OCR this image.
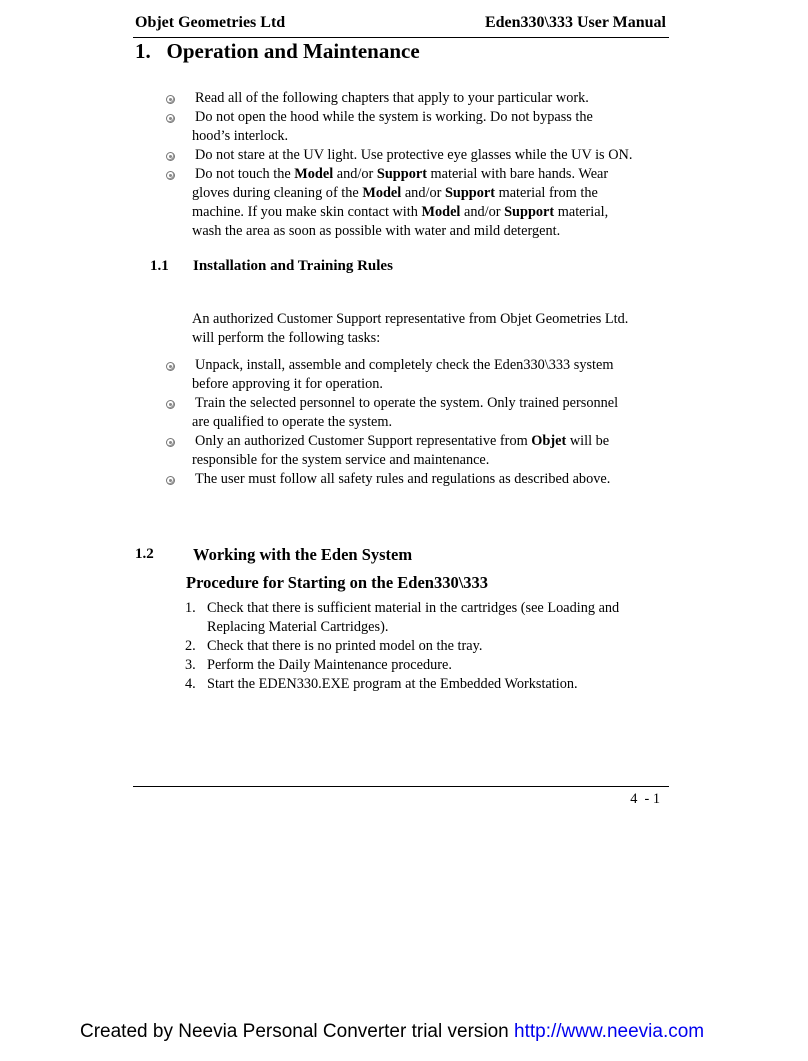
Objet Geometries Ltd	Eden330\333 User Manual
1.   Operation and Maintenance
Read all of the following chapters that apply to your particular work.
Do not open the hood while the system is working. Do not bypass the
hood’s interlock.
Do not stare at the UV light. Use protective eye glasses while the UV is ON.
Do not touch the Model and/or Support material with bare hands. Wear
gloves during cleaning of the Model and/or Support material from the
machine. If you make skin contact with Model and/or Support material,
wash the area as soon as possible with water and mild detergent.
1.1 Installation and Training Rules
An authorized Customer Support representative from Objet Geometries Ltd.
will perform the following tasks:
Unpack, install, assemble and completely check the Eden330\333 system
before approving it for operation.
Train the selected personnel to operate the system. Only trained personnel
are qualified to operate the system.
Only an authorized Customer Support representative from Objet will be
responsible for the system service and maintenance.
The user must follow all safety rules and regulations as described above.
1.2 Working with the Eden System
Procedure for Starting on the Eden330\333
1. Check that there is sufficient material in the cartridges (see Loading and
Replacing Material Cartridges).
2. Check that there is no printed model on the tray.
3. Perform the Daily Maintenance procedure.
4. Start the EDEN330.EXE program at the Embedded Workstation.
4  - 1
Created by Neevia Personal Converter trial version http://www.neevia.com
